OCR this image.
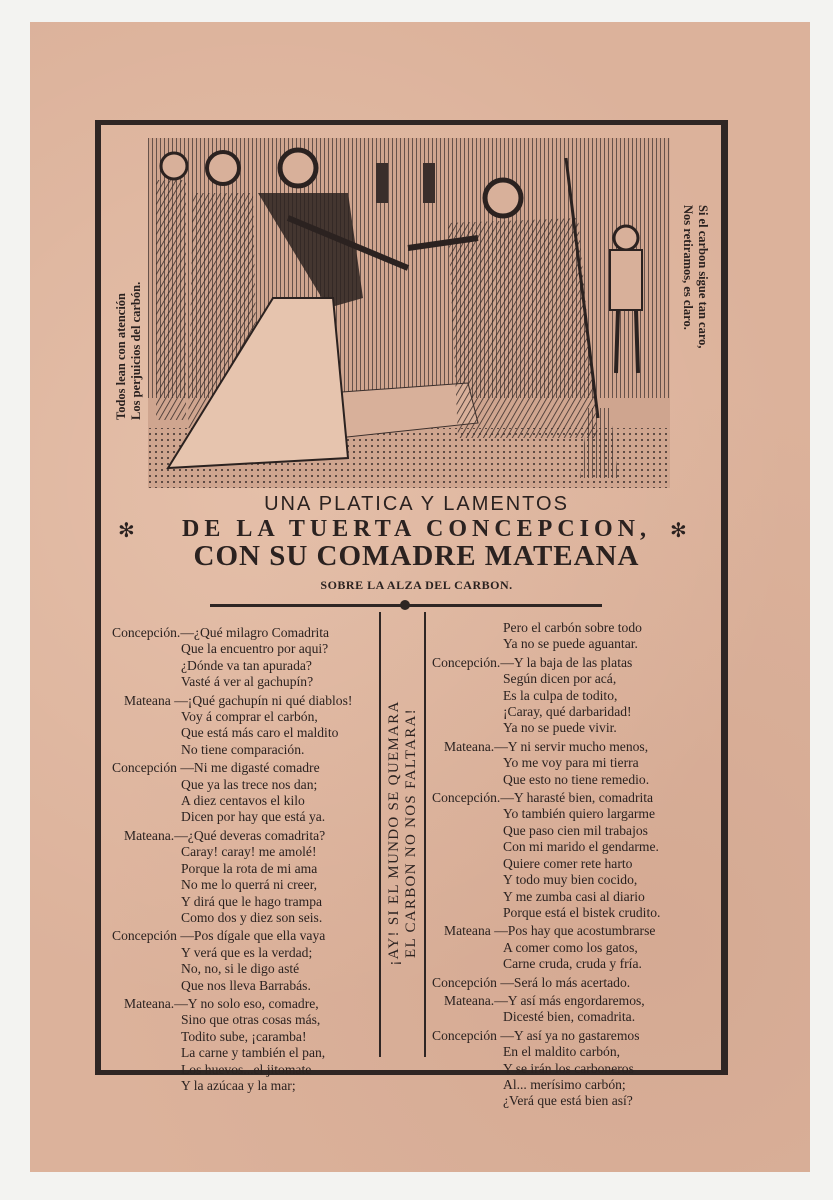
Todos lean con atención Los perjuicios del carbón.
Si el carbon sigue tan caro,
Nos retiramos, es claro.
UNA PLATICA Y LAMENTOS
✻	DE LA TUERTA CONCEPCION, ✻
CON SU COMADRE MATEANA
SOBRE LA ALZA DEL CARBON.
¡AY! SI EL MUNDO SE QUEMARA EL CARBON NO NOS FALTARA!
Concepción.—¿Qué milagro Comadrita
Que la encuentro por aqui?
¿Dónde va tan apurada?
Vasté á ver al gachupín?
Mateana —¡Qué gachupín ni qué diablos!
Voy á comprar el carbón,
Que está más caro el maldito
No tiene comparación.
Concepción —Ni me digasté comadre
Que ya las trece nos dan;
A diez centavos el kilo
Dicen por hay que está ya.
Mateana.—¿Qué deveras comadrita?
Caray! caray! me amolé!
Porque la rota de mi ama
No me lo querrá ni creer,
Y dirá que le hago trampa
Como dos y diez son seis.
Concepción —Pos dígale que ella vaya
Y verá que es la verdad;
No, no, si le digo asté
Que nos lleva Barrabás.
Mateana.—Y no solo eso, comadre,
Sino que otras cosas más,
Todito sube, ¡caramba!
La carne y también el pan,
Los huevos...el jitomate
Y la azúcaa y la mar;
Pero el carbón sobre todo
Ya no se puede aguantar.
Concepción.—Y la baja de las platas
Según dicen por acá,
Es la culpa de todito,
¡Caray, qué darbaridad!
Ya no se puede vivir.
Mateana.—Y ni servir mucho menos,
Yo me voy para mi tierra
Que esto no tiene remedio.
Concepción.—Y harasté bien, comadrita
Yo también quiero largarme
Que paso cien mil trabajos
Con mi marido el gendarme.
Quiere comer rete harto
Y todo muy bien cocido,
Y me zumba casi al diario
Porque está el bistek crudito.
Mateana —Pos hay que acostumbrarse
A comer como los gatos,
Carne cruda, cruda y fría.
Concepción —Será lo más acertado.
Mateana.—Y así más engordaremos,
Dicesté bien, comadrita.
Concepción —Y así ya no gastaremos
En el maldito carbón,
Y se irán los carboneros
Al... merísimo carbón;
¿Verá que está bien así?
